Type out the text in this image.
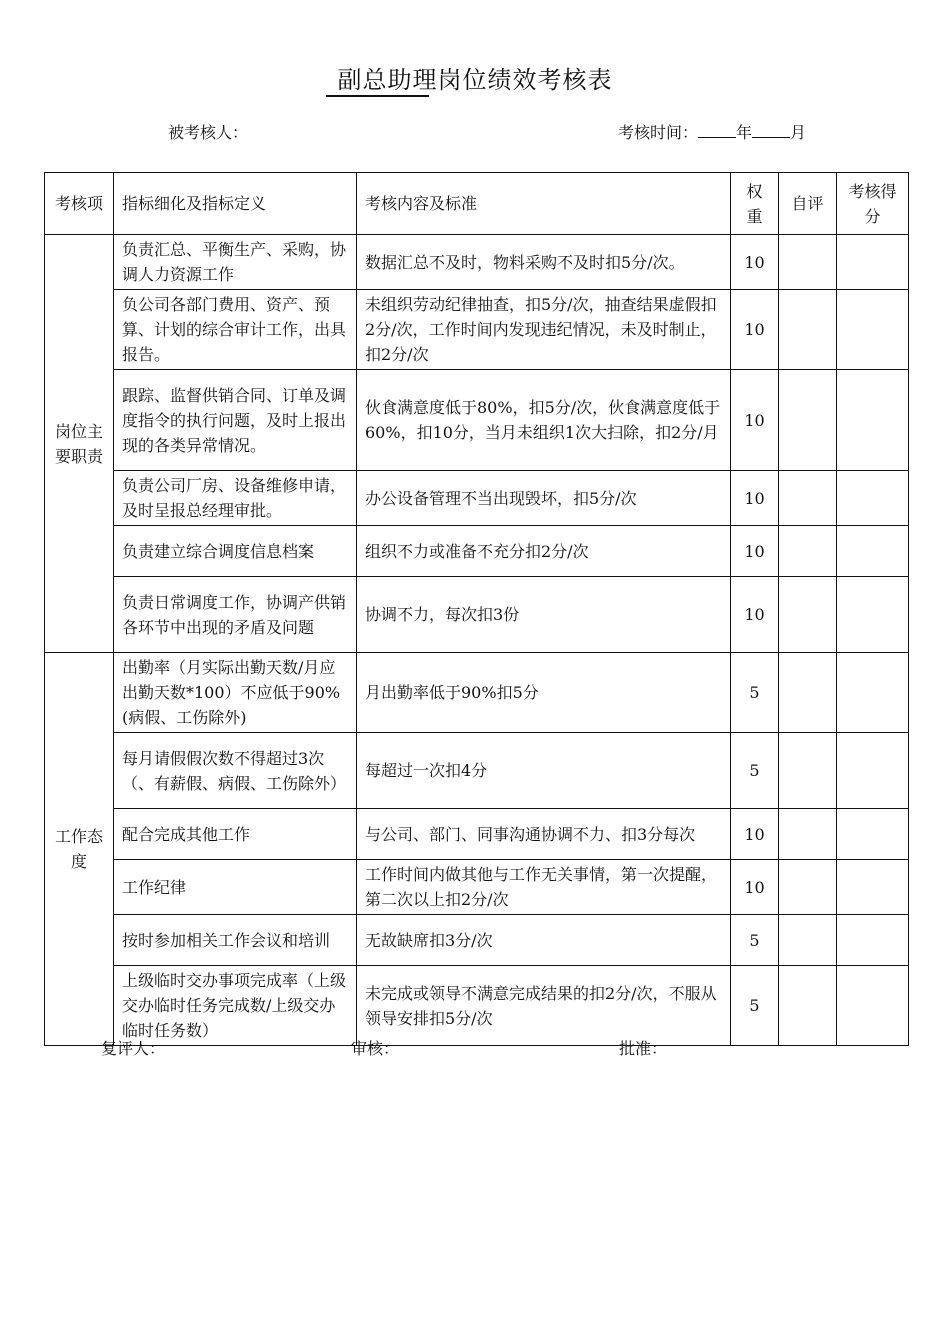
副总助理岗位绩效考核表
被考核人：	考核时间： 年 月
考核项	指标细化及指标定义	考核内容及标准	权重	自评	考核得分
岗位主要职责	负责汇总、平衡生产、采购，协调人力资源工作	数据汇总不及时，物料采购不及时扣5分/次。	10		
	负公司各部门费用、资产、预算、计划的综合审计工作，出具报告。	未组织劳动纪律抽查，扣5分/次，抽查结果虚假扣2分/次，工作时间内发现违纪情况，未及时制止，扣2分/次	10		
	跟踪、监督供销合同、订单及调度指令的执行问题，及时上报出现的各类异常情况。	伙食满意度低于80%，扣5分/次，伙食满意度低于60%，扣10分，当月未组织1次大扫除，扣2分/月	10		
	负责公司厂房、设备维修申请，及时呈报总经理审批。	办公设备管理不当出现毁坏，扣5分/次	10		
	负责建立综合调度信息档案	组织不力或准备不充分扣2分/次	10		
	负责日常调度工作，协调产供销各环节中出现的矛盾及问题	协调不力，每次扣3份	10		
工作态度	出勤率（月实际出勤天数/月应出勤天数*100）不应低于90%(病假、工伤除外)	月出勤率低于90%扣5分	5		
	每月请假假次数不得超过3次（、有薪假、病假、工伤除外）	每超过一次扣4分	5		
	配合完成其他工作	与公司、部门、同事沟通协调不力、扣3分每次	10		
	工作纪律	工作时间内做其他与工作无关事情，第一次提醒，第二次以上扣2分/次	10		
	按时参加相关工作会议和培训	无故缺席扣3分/次	5		
	上级临时交办事项完成率（上级交办临时任务完成数/上级交办临时任务数）	未完成或领导不满意完成结果的扣2分/次，不服从领导安排扣5分/次	5		
复评人：	审核：	批准：
